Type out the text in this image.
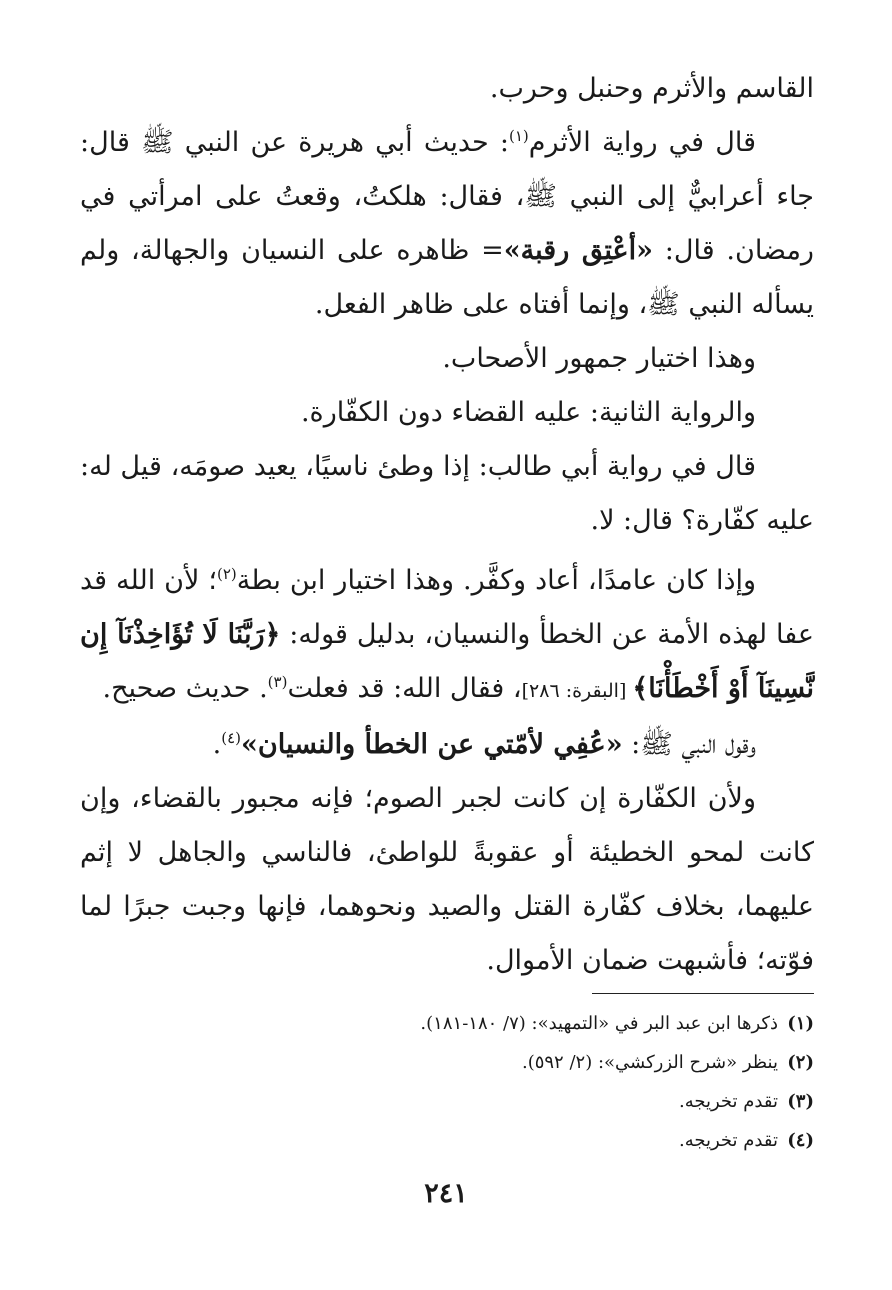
القاسم والأثرم وحنبل وحرب.

قال في رواية الأثرم$^{(١)}$: حديث أبي هريرة عن النبي ﷺ قال: جاء أعرابيٌّ إلى النبي ﷺ، فقال: هلكتُ، وقعتُ على امرأتي في رمضان. قال: «أعْتِق رقبة»= ظاهره على النسيان والجهالة، ولم يسأله النبي ﷺ، وإنما أفتاه على ظاهر الفعل.

وهذا اختيار جمهور الأصحاب.

والرواية الثانية: عليه القضاء دون الكفّارة.

قال في رواية أبي طالب: إذا وطئ ناسيًا، يعيد صومَه، قيل له: عليه كفّارة؟ قال: لا.

وإذا كان عامدًا، أعاد وكفَّر. وهذا اختيار ابن بطة$^{(٢)}$؛ لأن الله قد عفا لهذه الأمة عن الخطأ والنسيان، بدليل قوله: ﴿رَبَّنَا لَا تُؤَاخِذْنَآ إِن نَّسِينَآ أَوْ أَخْطَأْنَا﴾ [البقرة: ٢٨٦]، فقال الله: قد فعلت$^{(٣)}$. حديث صحيح.

وقول النبي ﷺ: «عُفِي لأمّتي عن الخطأ والنسيان»$^{(٤)}$.

ولأن الكفّارة إن كانت لجبر الصوم؛ فإنه مجبور بالقضاء، وإن كانت لمحو الخطيئة أو عقوبةً للواطئ، فالناسي والجاهل لا إثم عليهما، بخلاف كفّارة القتل والصيد ونحوهما، فإنها وجبت جبرًا لما فوّته؛ فأشبهت ضمان الأموال.

(١)ذكرها ابن عبد البر في «التمهيد»: (٧/ ١٨٠-١٨١).

(٢)ينظر «شرح الزركشي»: (٢/ ٥٩٢).

(٣)تقدم تخريجه.

(٤)تقدم تخريجه.

٢٤١
